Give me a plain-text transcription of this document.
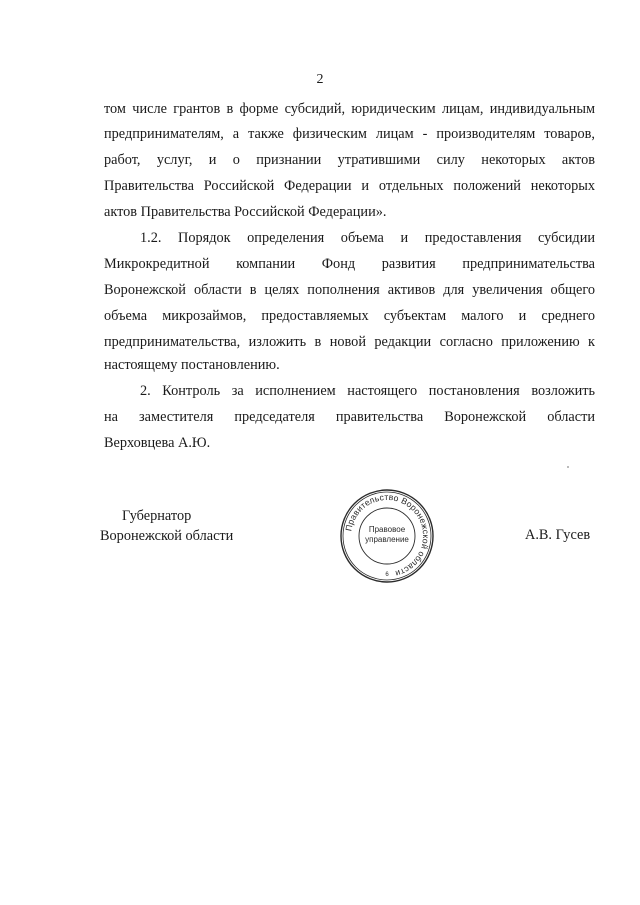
2
том числе грантов в форме субсидий, юридическим лицам, индивидуальным
предпринимателям, а также физическим лицам - производителям товаров,
работ, услуг, и о признании утратившими силу некоторых актов
Правительства Российской Федерации и отдельных положений некоторых
актов Правительства Российской Федерации».
1.2. Порядок определения объема и предоставления субсидии
Микрокредитной компании Фонд развития предпринимательства
Воронежской области в целях пополнения активов для увеличения общего
объема микрозаймов, предоставляемых субъектам малого и среднего
предпринимательства, изложить в новой редакции согласно приложению к
настоящему постановлению.
2. Контроль за исполнением настоящего постановления возложить
на заместителя председателя правительства Воронежской области
Верховцева А.Ю.
Губернатор
Воронежской области
Правительство Воронежской области
Правовое
управление
6
А.В. Гусев
